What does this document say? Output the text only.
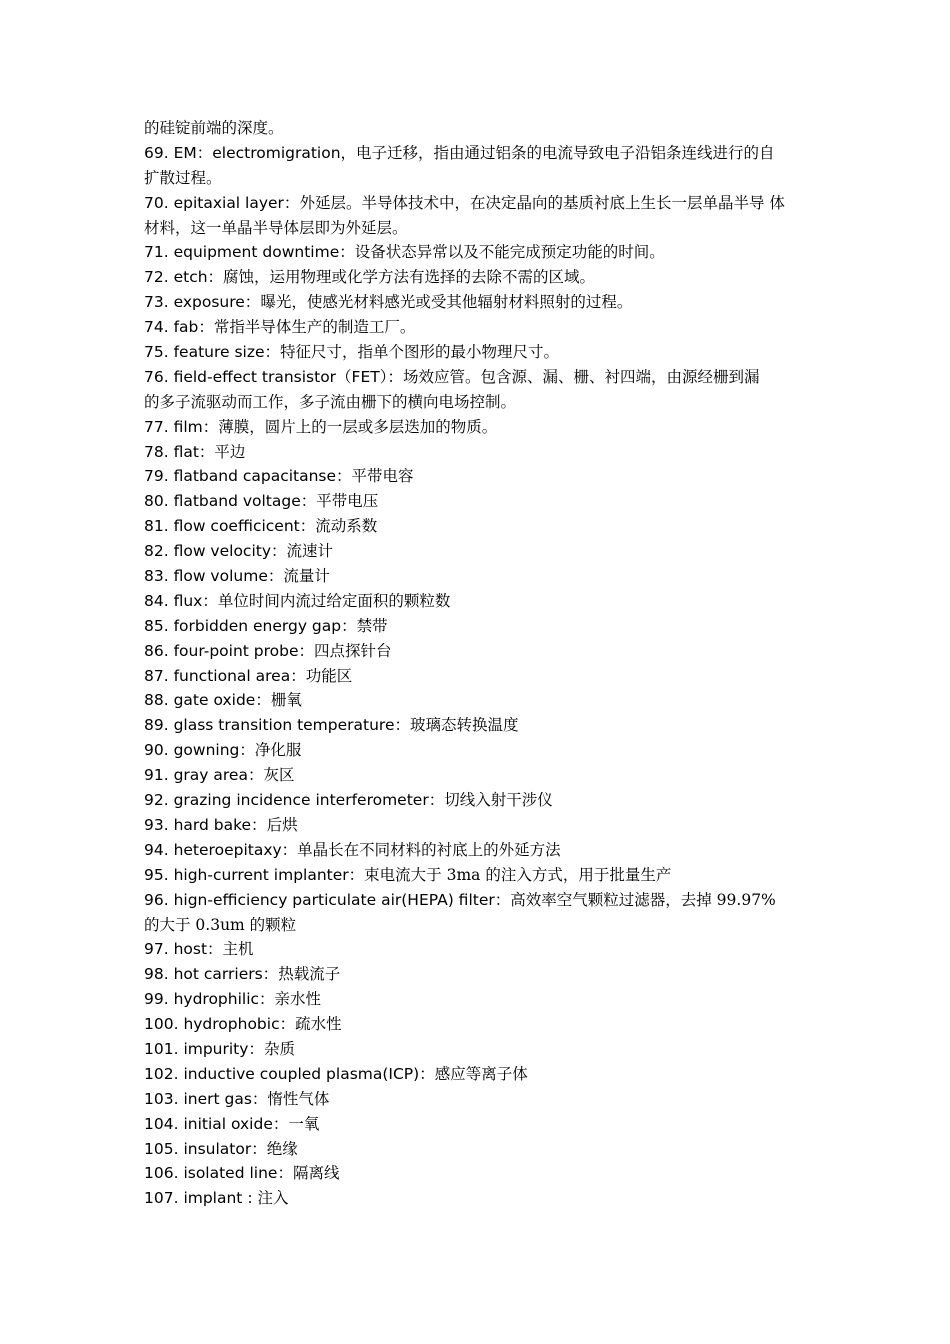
的硅锭前端的深度。
69. EM：electromigration，电子迁移，指由通过铝条的电流导致电子沿铝条连线进行的自
扩散过程。
70. epitaxial layer：外延层。半导体技术中，在决定晶向的基质衬底上生长一层单晶半导 体
材料，这一单晶半导体层即为外延层。
71. equipment downtime：设备状态异常以及不能完成预定功能的时间。
72. etch：腐蚀，运用物理或化学方法有选择的去除不需的区域。
73. exposure：曝光，使感光材料感光或受其他辐射材料照射的过程。
74. fab：常指半导体生产的制造工厂。
75. feature size：特征尺寸，指单个图形的最小物理尺寸。
76. field-effect transistor（FET）：场效应管。包含源、漏、栅、衬四端，由源经栅到漏
的多子流驱动而工作，多子流由栅下的横向电场控制。
77. film：薄膜，圆片上的一层或多层迭加的物质。
78. flat：平边
79. flatband capacitanse：平带电容
80. flatband voltage：平带电压
81. flow coefficicent：流动系数
82. flow velocity：流速计
83. flow volume：流量计
84. flux：单位时间内流过给定面积的颗粒数
85. forbidden energy gap：禁带
86. four-point probe：四点探针台
87. functional area：功能区
88. gate oxide：栅氧
89. glass transition temperature：玻璃态转换温度
90. gowning：净化服
91. gray area：灰区
92. grazing incidence interferometer：切线入射干涉仪
93. hard bake：后烘
94. heteroepitaxy：单晶长在不同材料的衬底上的外延方法
95. high-current implanter：束电流大于 3ma 的注入方式，用于批量生产
96. hign-efficiency particulate air(HEPA) filter：高效率空气颗粒过滤器，去掉 99.97%
的大于 0.3um 的颗粒
97. host：主机
98. hot carriers：热载流子
99. hydrophilic：亲水性
100. hydrophobic：疏水性
101. impurity：杂质
102. inductive coupled plasma(ICP)：感应等离子体
103. inert gas：惰性气体
104. initial oxide：一氧
105. insulator：绝缘
106. isolated line：隔离线
107. implant : 注入
